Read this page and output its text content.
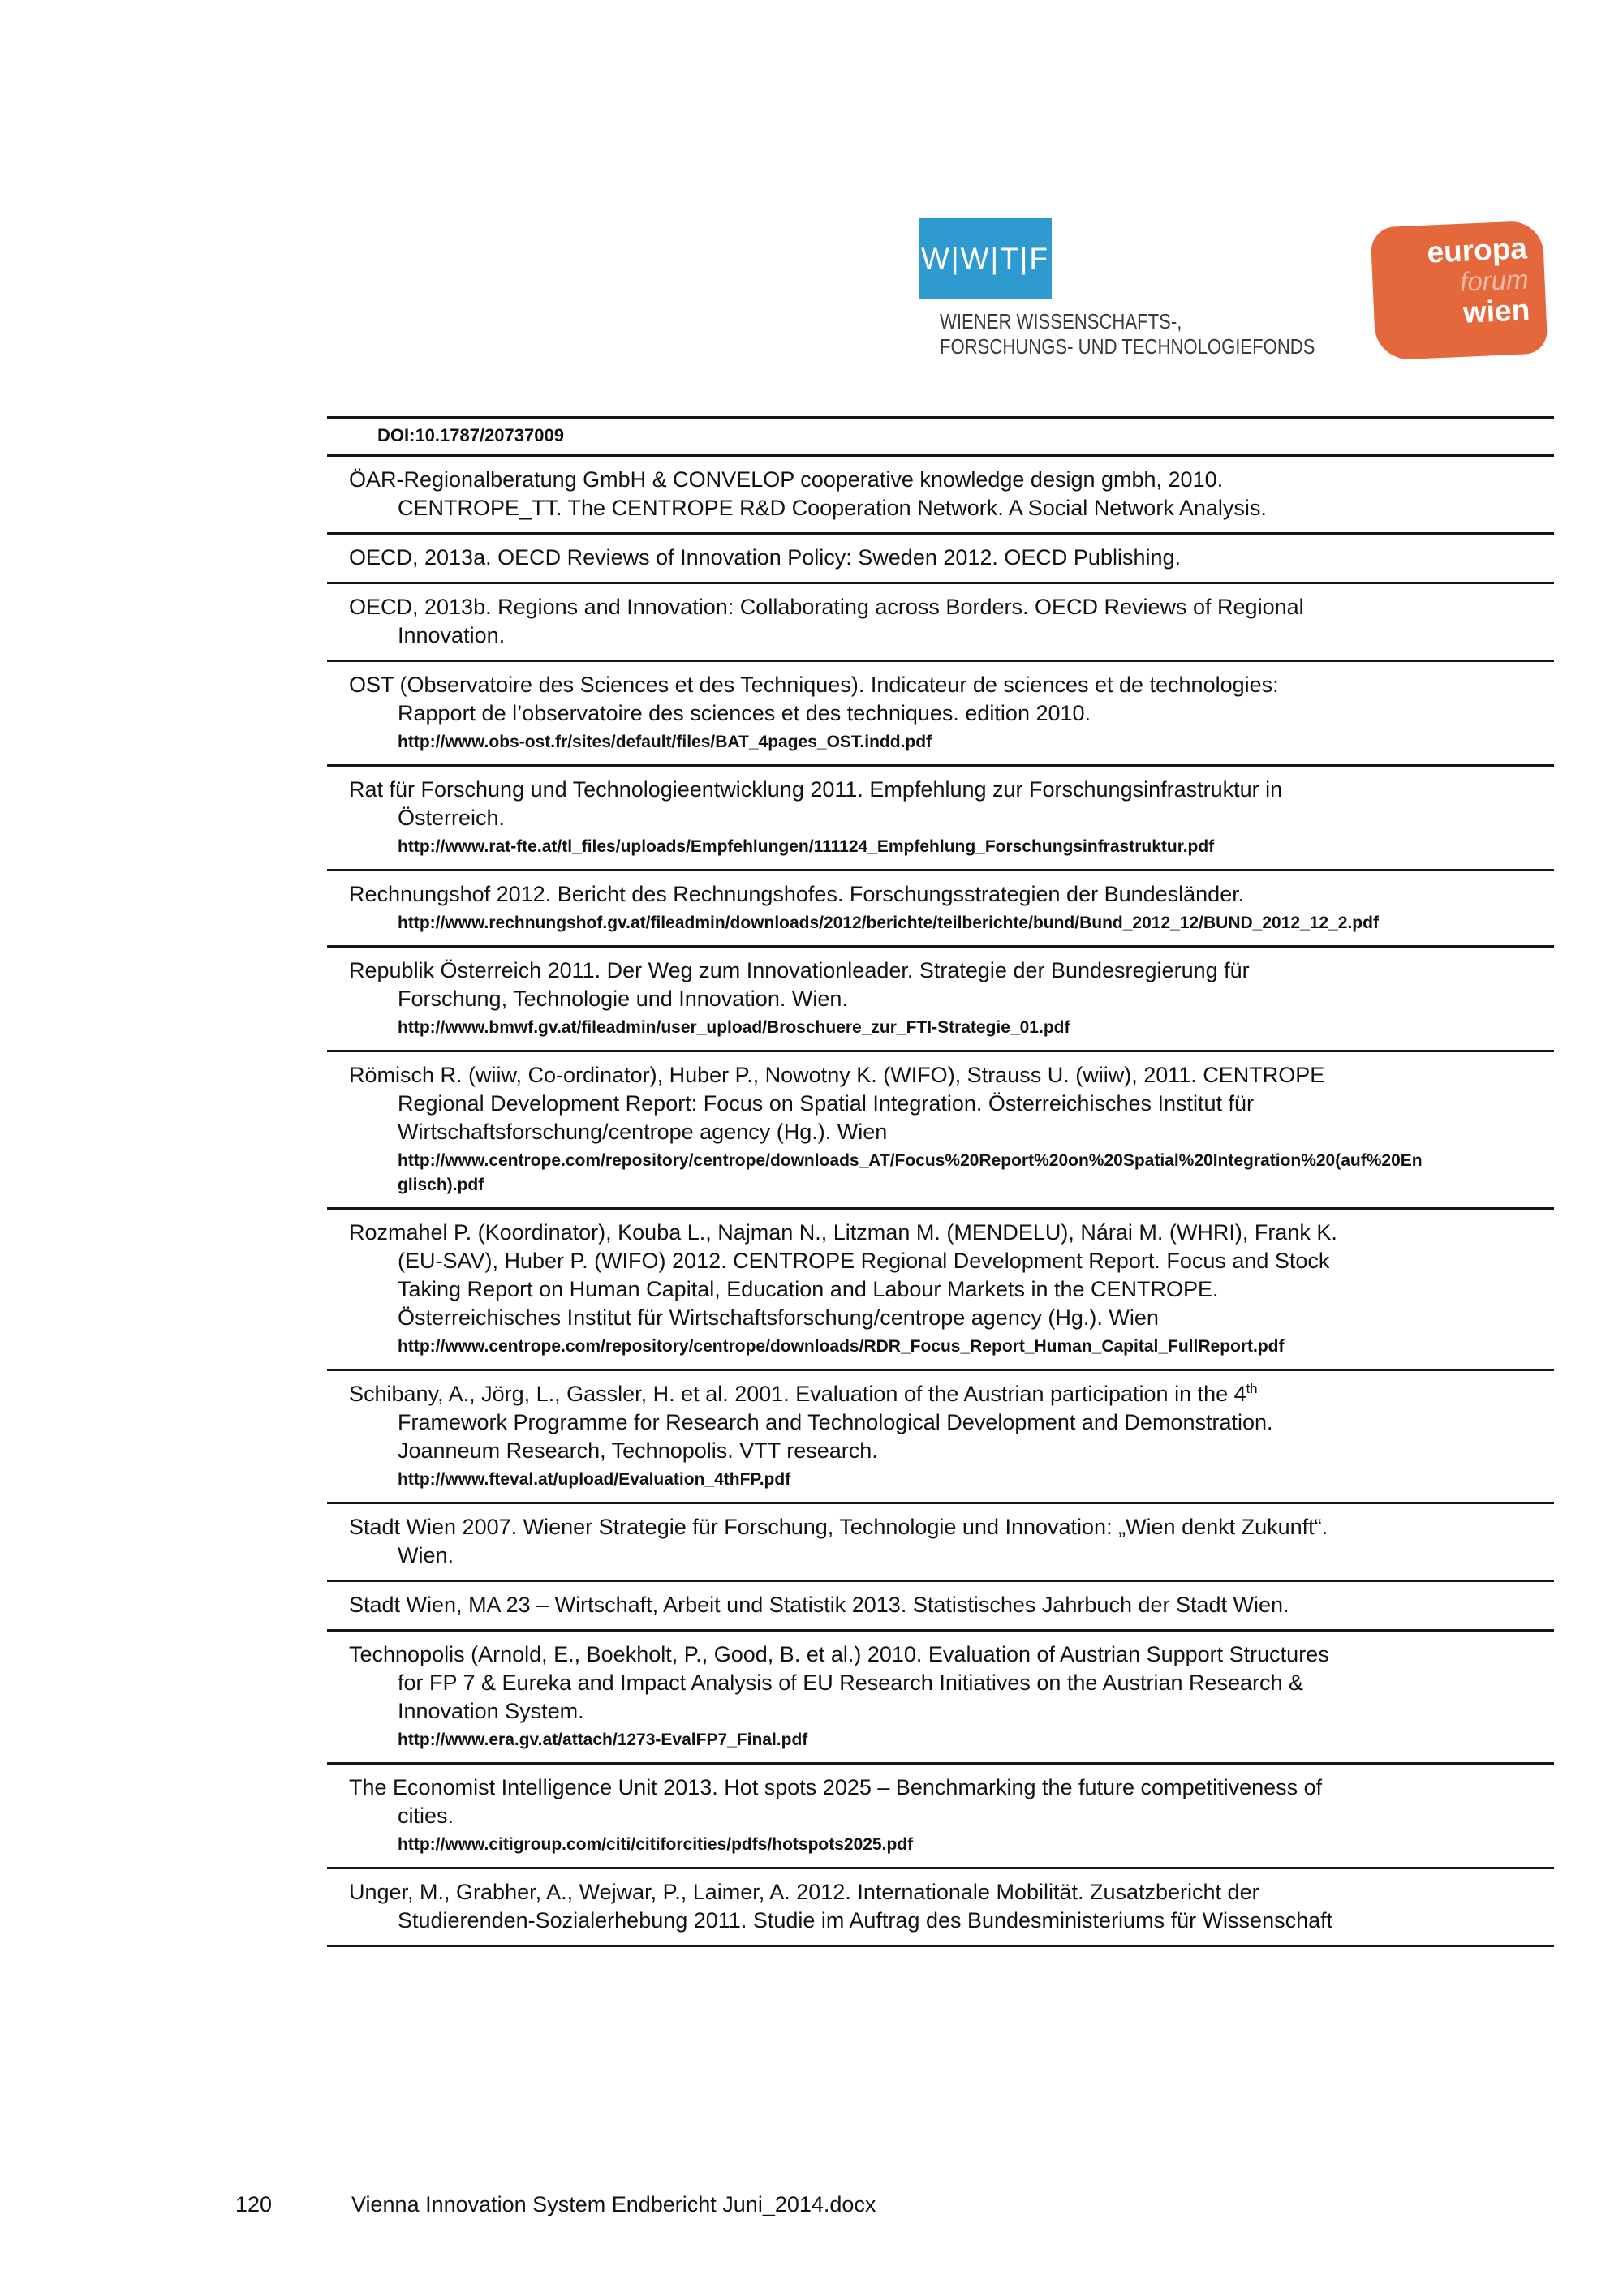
W|W|T|F
WIENER WISSENSCHAFTS-,
FORSCHUNGS- UND TECHNOLOGIEFONDS
europa
forum
wien
DOI:10.1787/20737009
ÖAR-Regionalberatung GmbH & CONVELOP cooperative knowledge design gmbh, 2010.
CENTROPE_TT. The CENTROPE R&D Cooperation Network. A Social Network Analysis.
OECD, 2013a. OECD Reviews of Innovation Policy: Sweden 2012. OECD Publishing.
OECD, 2013b. Regions and Innovation: Collaborating across Borders. OECD Reviews of Regional
Innovation.
OST (Observatoire des Sciences et des Techniques). Indicateur de sciences et de technologies:
Rapport de l’observatoire des sciences et des techniques. edition 2010.
http://www.obs-ost.fr/sites/default/files/BAT_4pages_OST.indd.pdf
Rat für Forschung und Technologieentwicklung 2011. Empfehlung zur Forschungsinfrastruktur in
Österreich.
http://www.rat-fte.at/tl_files/uploads/Empfehlungen/111124_Empfehlung_Forschungsinfrastruktur.pdf
Rechnungshof 2012. Bericht des Rechnungshofes. Forschungsstrategien der Bundesländer.
http://www.rechnungshof.gv.at/fileadmin/downloads/2012/berichte/teilberichte/bund/Bund_2012_12/BUND_2012_12_2.pdf
Republik Österreich 2011. Der Weg zum Innovationleader. Strategie der Bundesregierung für
Forschung, Technologie und Innovation. Wien.
http://www.bmwf.gv.at/fileadmin/user_upload/Broschuere_zur_FTI-Strategie_01.pdf
Römisch R. (wiiw, Co-ordinator), Huber P., Nowotny K. (WIFO), Strauss U. (wiiw), 2011. CENTROPE
Regional Development Report: Focus on Spatial Integration. Österreichisches Institut für
Wirtschaftsforschung/centrope agency (Hg.). Wien
http://www.centrope.com/repository/centrope/downloads_AT/Focus%20Report%20on%20Spatial%20Integration%20(auf%20En
glisch).pdf
Rozmahel P. (Koordinator), Kouba L., Najman N., Litzman M. (MENDELU), Nárai M. (WHRI), Frank K.
(EU-SAV), Huber P. (WIFO) 2012. CENTROPE Regional Development Report. Focus and Stock
Taking Report on Human Capital, Education and Labour Markets in the CENTROPE.
Österreichisches Institut für Wirtschaftsforschung/centrope agency (Hg.). Wien
http://www.centrope.com/repository/centrope/downloads/RDR_Focus_Report_Human_Capital_FullReport.pdf
Schibany, A., Jörg, L., Gassler, H. et al. 2001. Evaluation of the Austrian participation in the 4th
Framework Programme for Research and Technological Development and Demonstration.
Joanneum Research, Technopolis. VTT research.
http://www.fteval.at/upload/Evaluation_4thFP.pdf
Stadt Wien 2007. Wiener Strategie für Forschung, Technologie und Innovation: „Wien denkt Zukunft“.
Wien.
Stadt Wien, MA 23 – Wirtschaft, Arbeit und Statistik 2013. Statistisches Jahrbuch der Stadt Wien.
Technopolis (Arnold, E., Boekholt, P., Good, B. et al.) 2010. Evaluation of Austrian Support Structures
for FP 7 & Eureka and Impact Analysis of EU Research Initiatives on the Austrian Research &
Innovation System.
http://www.era.gv.at/attach/1273-EvalFP7_Final.pdf
The Economist Intelligence Unit 2013. Hot spots 2025 – Benchmarking the future competitiveness of
cities.
http://www.citigroup.com/citi/citiforcities/pdfs/hotspots2025.pdf
Unger, M., Grabher, A., Wejwar, P., Laimer, A. 2012. Internationale Mobilität. Zusatzbericht der
Studierenden-Sozialerhebung 2011. Studie im Auftrag des Bundesministeriums für Wissenschaft
120	Vienna Innovation System Endbericht Juni_2014.docx
